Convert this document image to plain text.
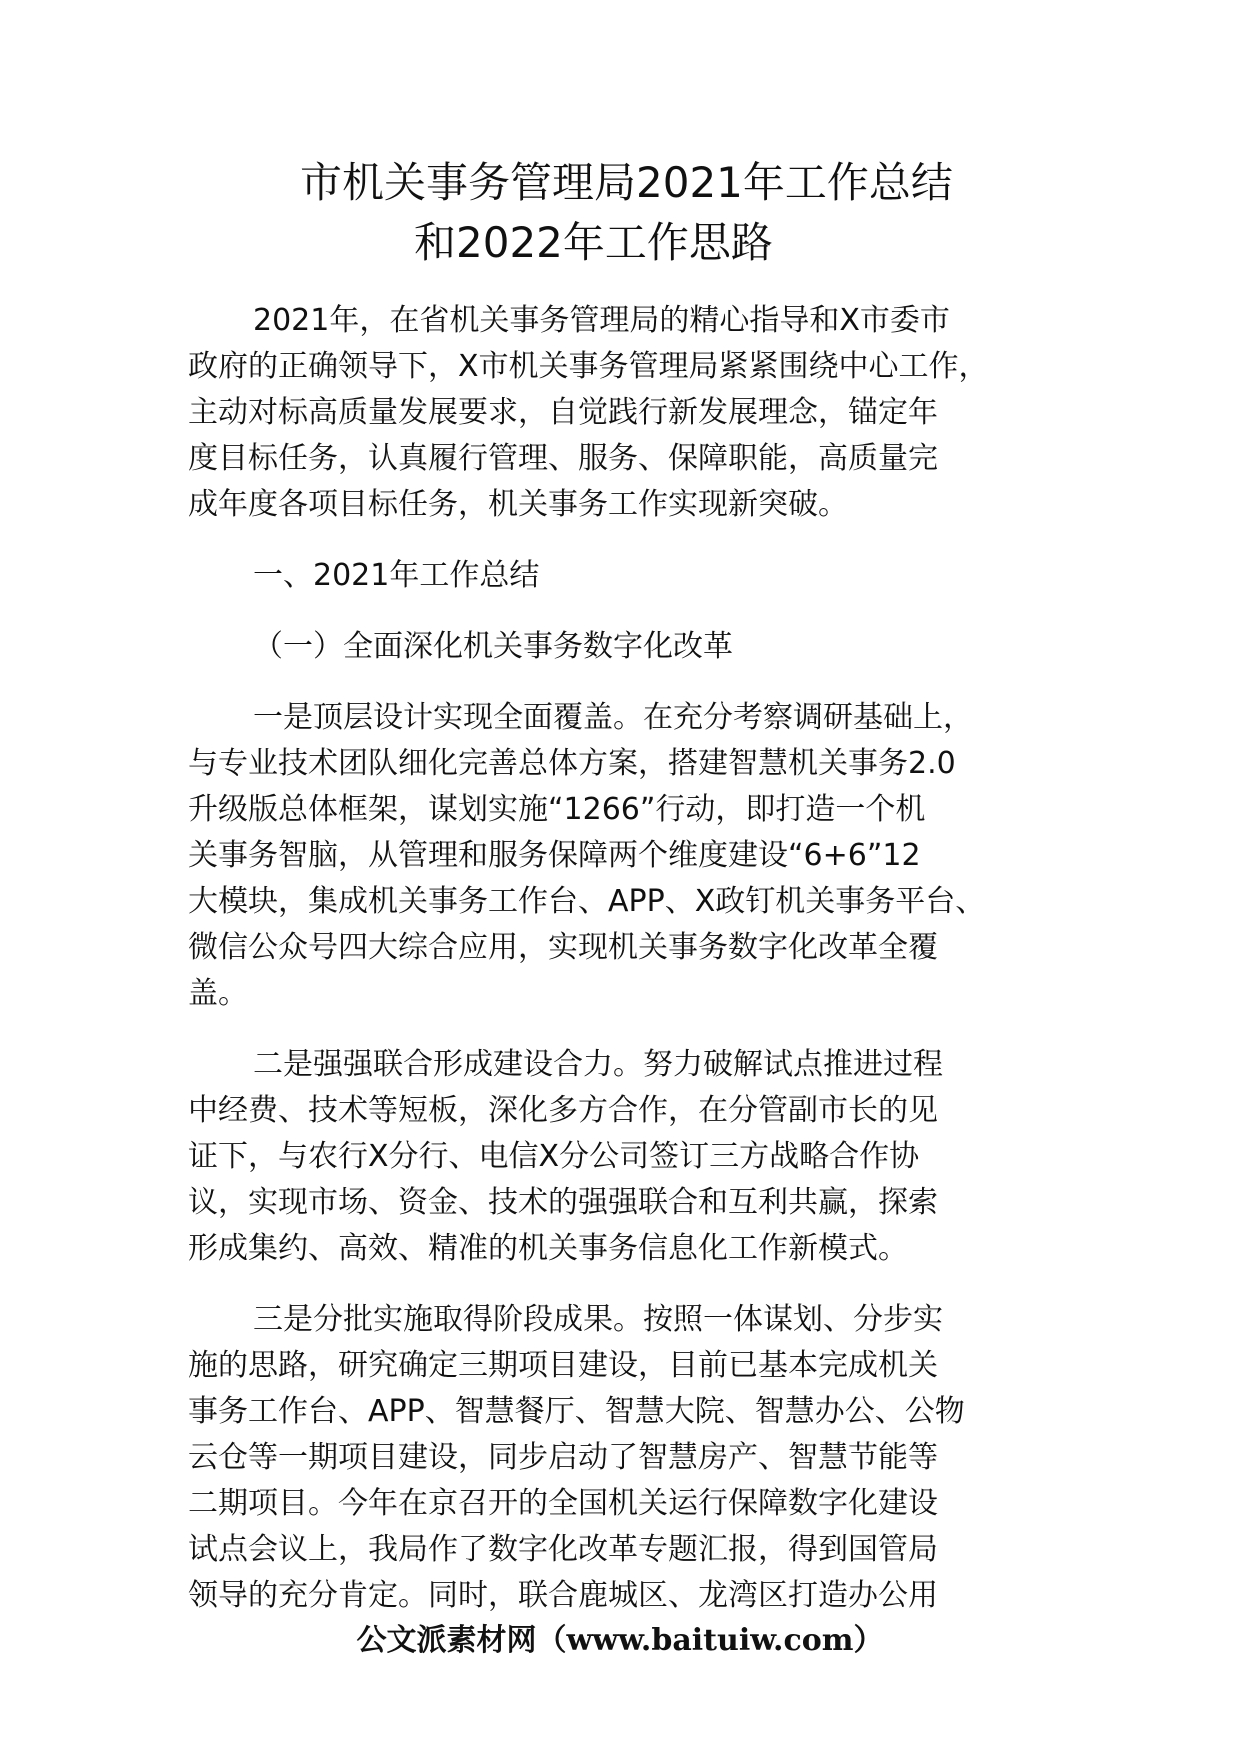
市机关事务管理局2021年工作总结
和2022年工作思路

2021年，在省机关事务管理局的精心指导和X市委市
政府的正确领导下，X市机关事务管理局紧紧围绕中心工作，
主动对标高质量发展要求，自觉践行新发展理念，锚定年
度目标任务，认真履行管理、服务、保障职能，高质量完
成年度各项目标任务，机关事务工作实现新突破。

一、2021年工作总结

（一）全面深化机关事务数字化改革

一是顶层设计实现全面覆盖。在充分考察调研基础上，
与专业技术团队细化完善总体方案，搭建智慧机关事务2.0
升级版总体框架，谋划实施“1266”行动，即打造一个机
关事务智脑，从管理和服务保障两个维度建设“6+6”12
大模块，集成机关事务工作台、APP、X政钉机关事务平台、
微信公众号四大综合应用，实现机关事务数字化改革全覆
盖。

二是强强联合形成建设合力。努力破解试点推进过程
中经费、技术等短板，深化多方合作，在分管副市长的见
证下，与农行X分行、电信X分公司签订三方战略合作协
议，实现市场、资金、技术的强强联合和互利共赢，探索
形成集约、高效、精准的机关事务信息化工作新模式。

三是分批实施取得阶段成果。按照一体谋划、分步实
施的思路，研究确定三期项目建设，目前已基本完成机关
事务工作台、APP、智慧餐厅、智慧大院、智慧办公、公物
云仓等一期项目建设，同步启动了智慧房产、智慧节能等
二期项目。今年在京召开的全国机关运行保障数字化建设
试点会议上，我局作了数字化改革专题汇报，得到国管局
领导的充分肯定。同时，联合鹿城区、龙湾区打造办公用

公文派素材网（www.baituiw.com）
